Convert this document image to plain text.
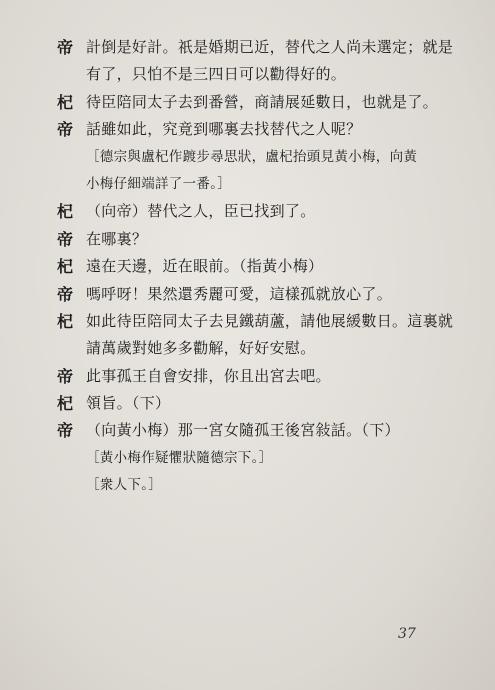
帝 計倒是好計。祇是婚期已近，替代之人尚未選定；就是
有了，只怕不是三四日可以勸得好的。
杞 待臣陪同太子去到番營，商請展延數日，也就是了。
帝 話雖如此，究竟到哪裏去找替代之人呢？
［德宗與盧杞作踱步尋思狀，盧杞抬頭見黃小梅，向黃
小梅仔細端詳了一番。］
杞 （向帝）替代之人，臣已找到了。
帝 在哪裏？
杞 遠在天邊，近在眼前。（指黃小梅）
帝 嗎呼呀！果然還秀麗可愛，這樣孤就放心了。
杞 如此待臣陪同太子去見鐵葫蘆，請他展緩數日。這裏就
請萬歲對她多多勸解，好好安慰。
帝 此事孤王自會安排，你且出宮去吧。
杞 領旨。（下）
帝 （向黃小梅）那一宮女隨孤王後宮敍話。（下）
［黃小梅作疑懼狀隨德宗下。］
［衆人下。］
37
